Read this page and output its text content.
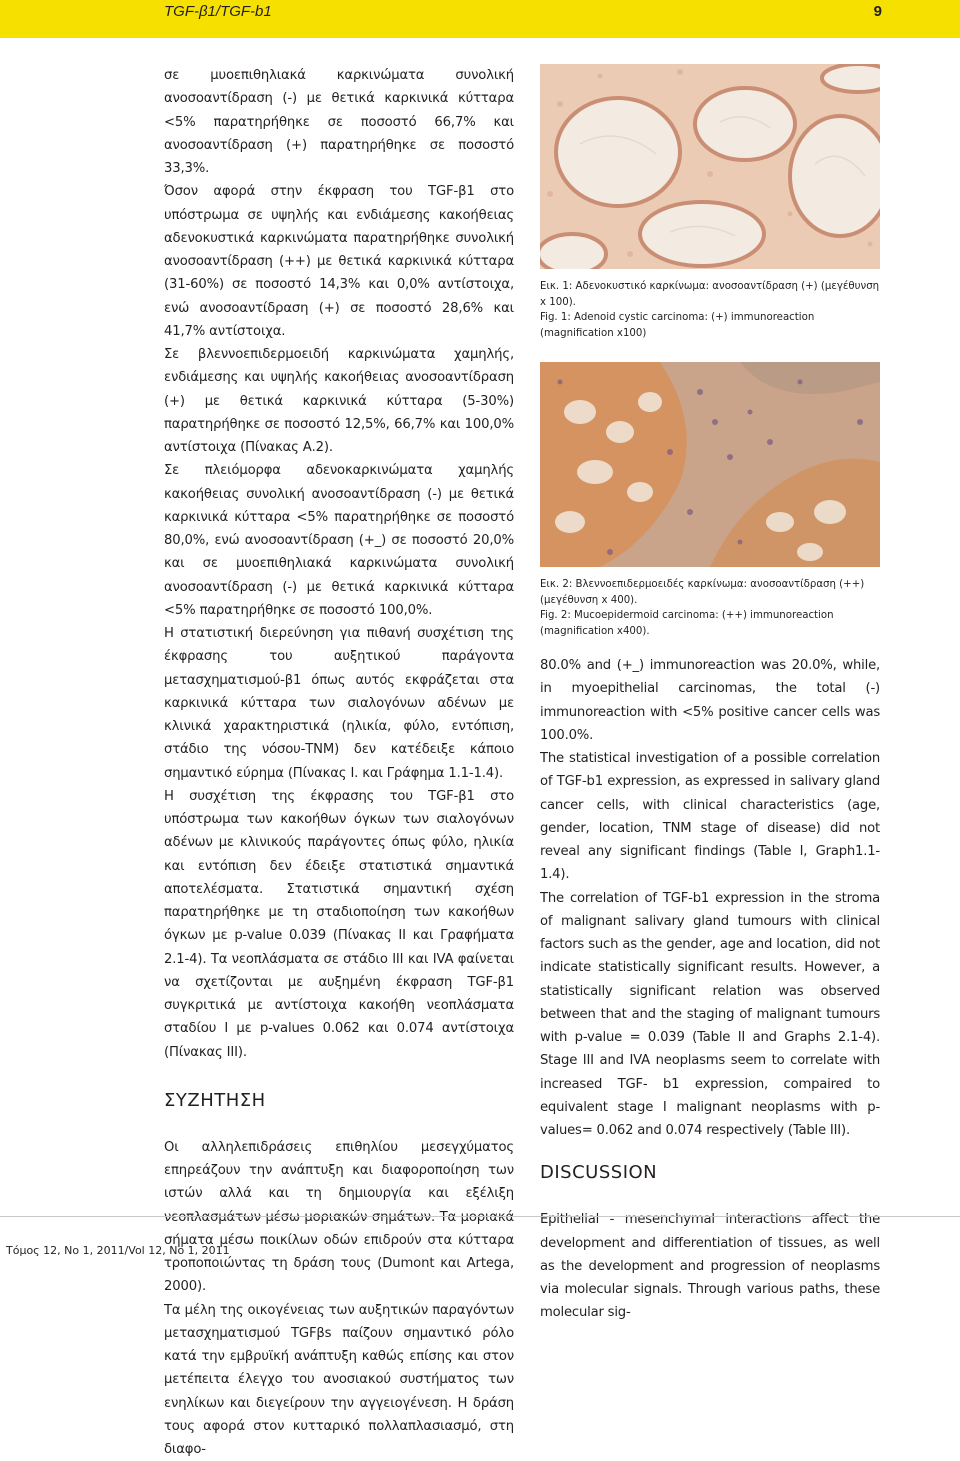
TGF-β1/TGF-b1	9

σε μυοεπιθηλιακά καρκινώματα συνολική ανοσοαντίδραση (-) με θετικά καρκινικά κύτταρα <5% παρατηρήθηκε σε ποσοστό 66,7% και ανοσοαντίδραση (+) παρατηρήθηκε σε ποσοστό 33,3%.

Όσον αφορά στην έκφραση του TGF-β1 στο υπόστρωμα σε υψηλής και ενδιάμεσης κακοήθειας αδενοκυστικά καρκινώματα παρατηρήθηκε συνολική ανοσοαντίδραση (++) με θετικά καρκινικά κύτταρα (31-60%) σε ποσοστό 14,3% και 0,0% αντίστοιχα, ενώ ανοσοαντίδραση (+) σε ποσοστό 28,6% και 41,7% αντίστοιχα.

Σε βλεννοεπιδερμοειδή καρκινώματα χαμηλής, ενδιάμεσης και υψηλής κακοήθειας ανοσοαντίδραση (+) με θετικά καρκινικά κύτταρα (5-30%) παρατηρήθηκε σε ποσοστό 12,5%, 66,7% και 100,0% αντίστοιχα (Πίνακας Α.2).

Σε πλειόμορφα αδενοκαρκινώματα χαμηλής κακοήθειας συνολική ανοσοαντίδραση (-) με θετικά καρκινικά κύτταρα <5% παρατηρήθηκε σε ποσοστό 80,0%, ενώ ανοσοαντίδραση (+_) σε ποσοστό 20,0% και σε μυοεπιθηλιακά καρκινώματα συνολική ανοσοαντίδραση (-) με θετικά καρκινικά κύτταρα <5% παρατηρήθηκε σε ποσοστό 100,0%.

Η στατιστική διερεύνηση για πιθανή συσχέτιση της έκφρασης του αυξητικού παράγοντα μετασχηματισμού-β1 όπως αυτός εκφράζεται στα καρκινικά κύτταρα των σιαλογόνων αδένων με κλινικά χαρακτηριστικά (ηλικία, φύλο, εντόπιση, στάδιο της νόσου-TNM) δεν κατέδειξε κάποιο σημαντικό εύρημα (Πίνακας Ι. και Γράφημα 1.1-1.4).

Η συσχέτιση της έκφρασης του TGF-β1 στο υπόστρωμα των κακοήθων όγκων των σιαλογόνων αδένων με κλινικούς παράγοντες όπως φύλο, ηλικία και εντόπιση δεν έδειξε στατιστικά σημαντικά αποτελέσματα. Στατιστικά σημαντική σχέση παρατηρήθηκε με τη σταδιοποίηση των κακοήθων όγκων με p-value 0.039 (Πίνακας ΙΙ και Γραφήματα 2.1-4). Τα νεοπλάσματα σε στάδιο ΙΙΙ και IVA φαίνεται να σχετίζονται με αυξημένη έκφραση TGF-β1 συγκριτικά με αντίστοιχα κακοήθη νεοπλάσματα σταδίου Ι με p-values 0.062 και 0.074 αντίστοιχα (Πίνακας ΙΙΙ).

ΣΥΖΗΤΗΣΗ

Οι αλληλεπιδράσεις επιθηλίου μεσεγχύματος επηρεάζουν την ανάπτυξη και διαφοροποίηση των ιστών αλλά και τη δημιουργία και εξέλιξη νεοπλασμάτων μέσω μοριακών σημάτων. Τα μοριακά σήματα μέσω ποικίλων οδών επιδρούν στα κύτταρα τροποποιώντας τη δράση τους (Dumont και Artega, 2000).

Τα μέλη της οικογένειας των αυξητικών παραγόντων μετασχηματισμού TGFβs παίζουν σημαντικό ρόλο κατά την εμβρυϊκή ανάπτυξη καθώς επίσης και στον μετέπειτα έλεγχο του ανοσιακού συστήματος των ενηλίκων και διεγείρουν την αγγειογένεση. Η δράση τους αφορά στον κυτταρικό πολλαπλασιασμό, στη διαφο-

Εικ. 1: Αδενοκυστικό καρκίνωμα: ανοσοαντίδραση (+) (μεγέθυνση x 100).

Fig. 1: Adenoid cystic carcinoma: (+) immunoreaction (magnification x100)

Εικ. 2: Βλεννοεπιδερμοειδές καρκίνωμα: ανοσοαντίδραση (++) (μεγέθυνση x 400).

Fig. 2: Mucoepidermoid carcinoma: (++) immunoreaction (magnification x400).

80.0% and (+_) immunoreaction was 20.0%, while, in myoepithelial carcinomas, the total (-) immunoreaction with <5% positive cancer cells was 100.0%.

The statistical investigation of a possible correlation of TGF-b1 expression, as expressed in salivary gland cancer cells, with clinical characteristics (age, gender, location, TNM stage of disease) did not reveal any significant findings (Table I, Graph1.1-1.4).

The correlation of TGF-b1 expression in the stroma of malignant salivary gland tumours with clinical factors such as the gender, age and location, did not indicate statistically significant results. However, a statistically significant relation was observed between that and the staging of malignant tumours with p-value = 0.039 (Table II and Graphs 2.1-4). Stage III and IVA neoplasms seem to correlate with increased TGF- b1 expression, compaired to equivalent stage I malignant neoplasms with p-values= 0.062 and 0.074 respectively (Table III).

DISCUSSION

Epithelial - mesenchymal interactions affect the development and differentiation of tissues, as well as the development and progression of neoplasms via molecular signals. Through various paths, these molecular sig-

Τόμος 12, No 1, 2011/Vol 12, No 1, 2011
